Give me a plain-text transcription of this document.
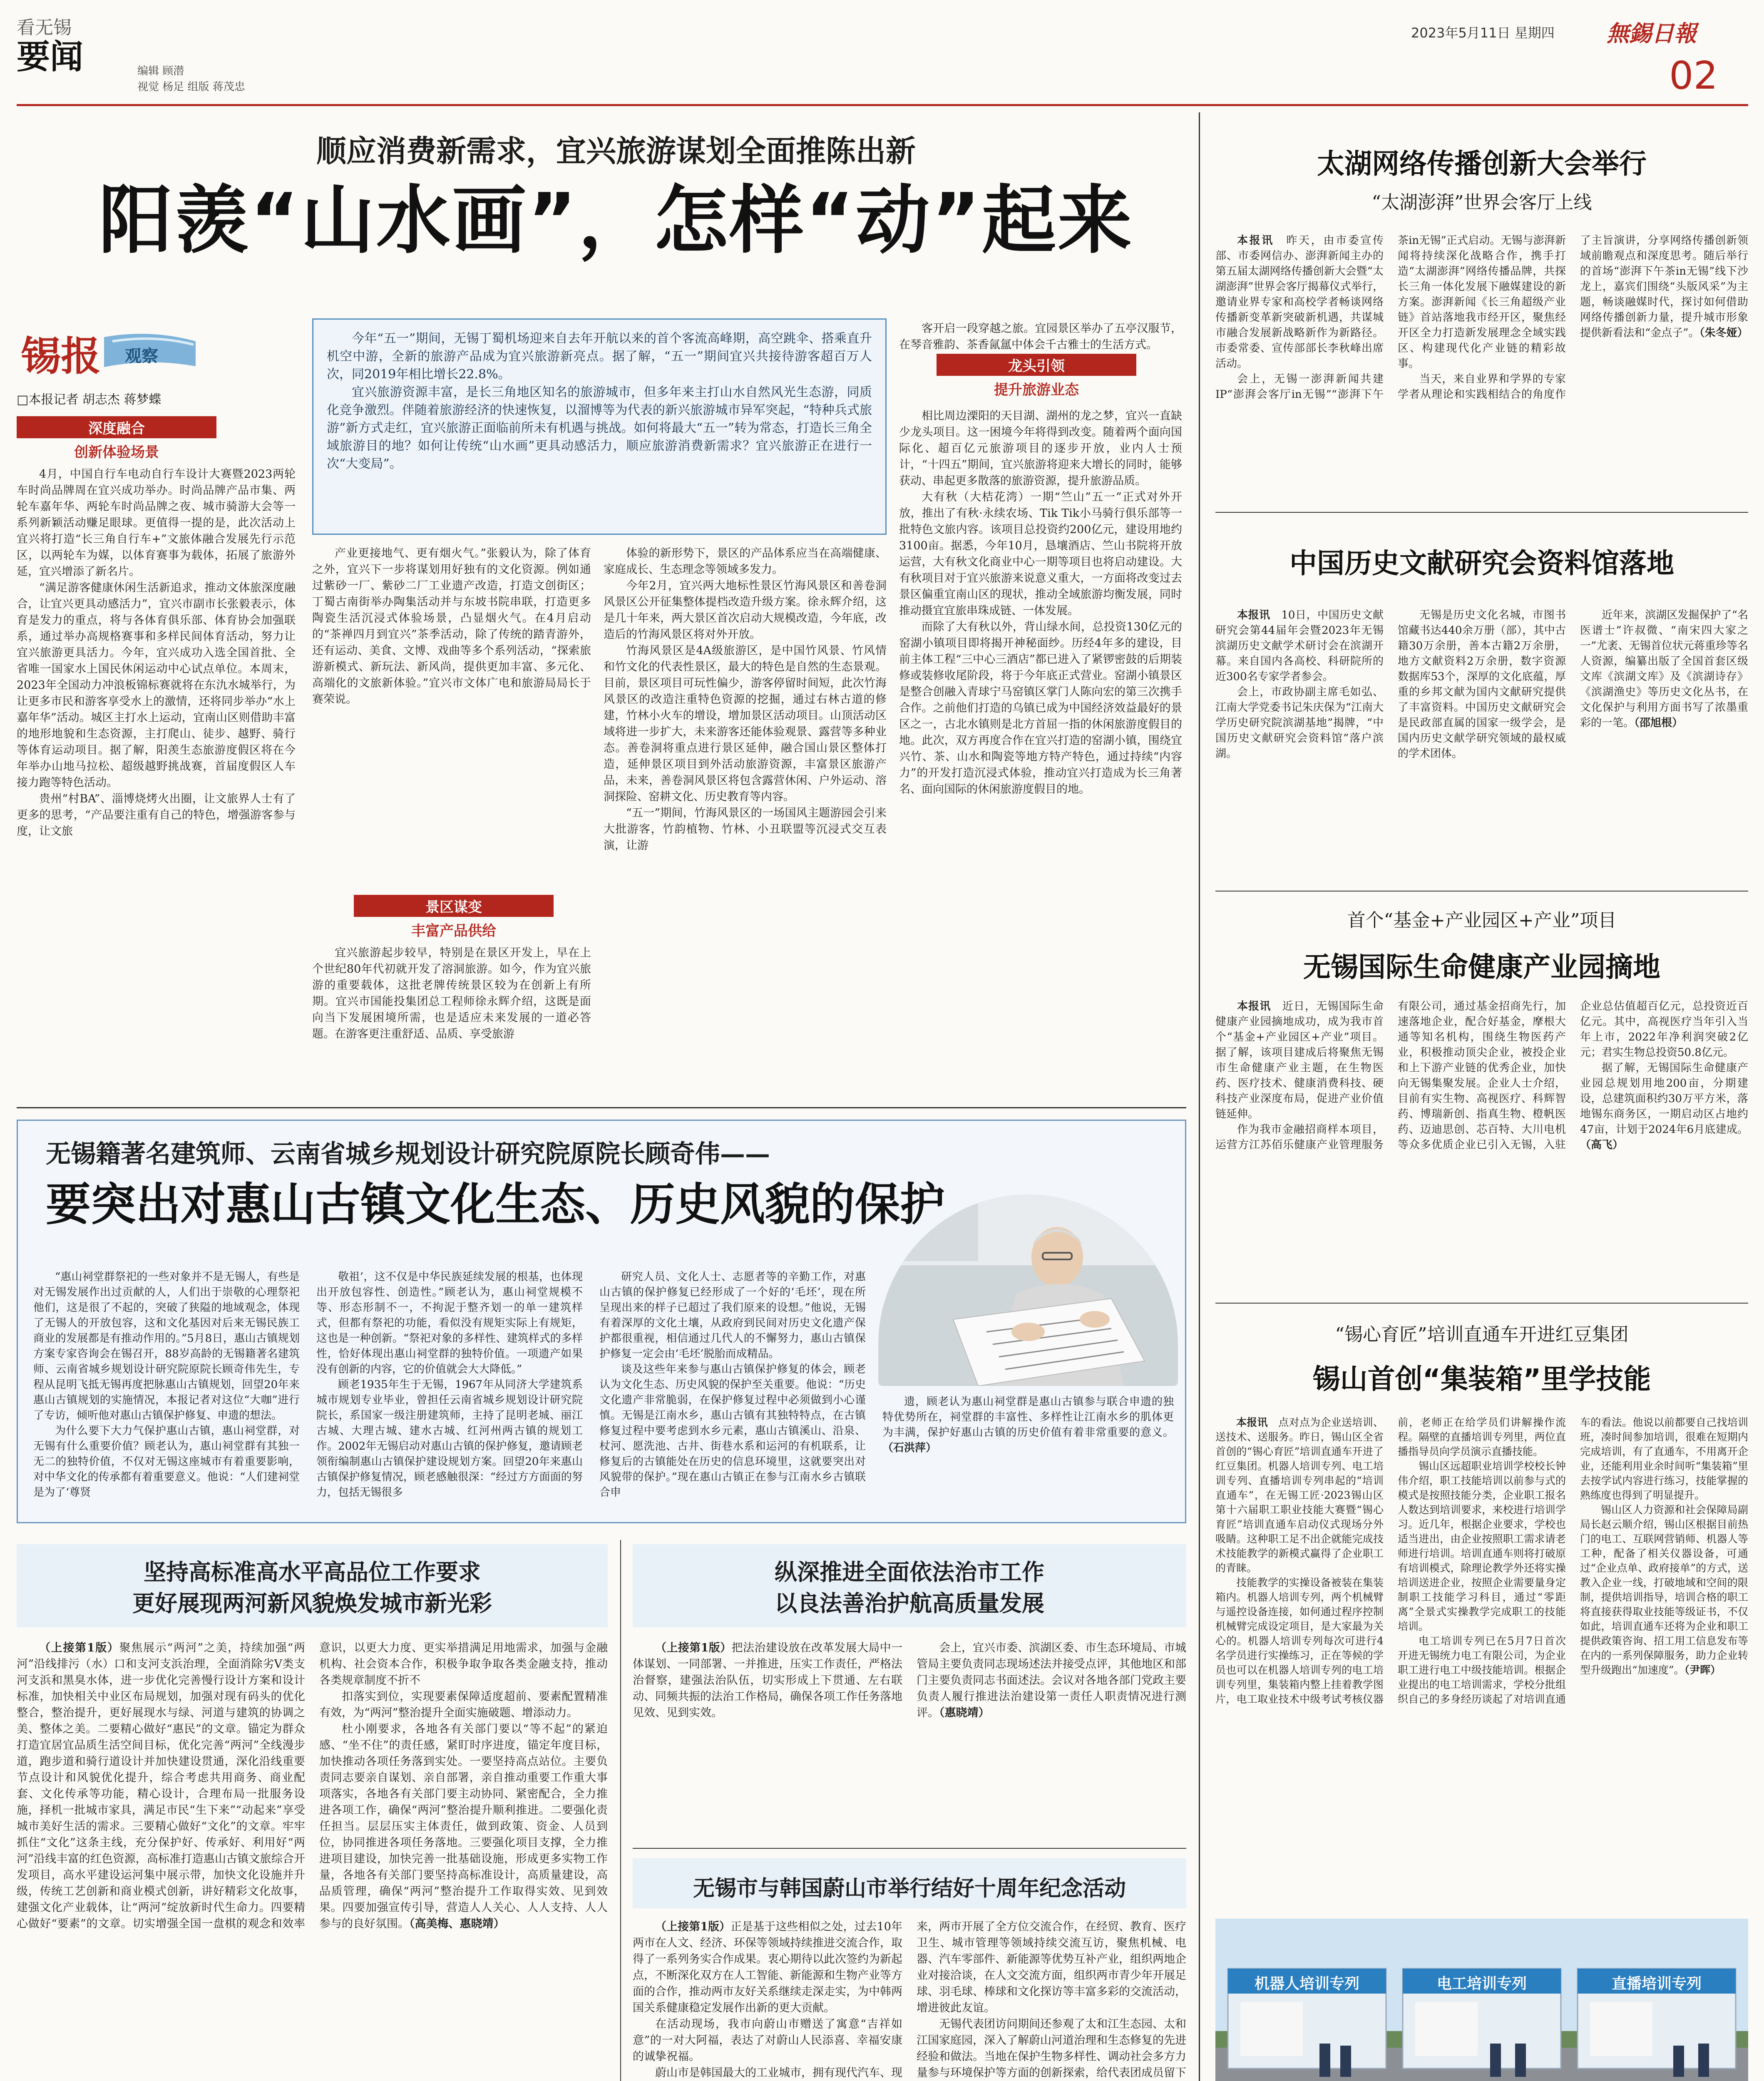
看无锡
要闻	编辑 顾潜
视觉 杨足 组版 蒋茂忠
2023年5月11日 星期四 無錫日報
02
顺应消费新需求，宜兴旅游谋划全面推陈出新
阳羡“山水画”，怎样“动”起来
锡报 观察
□本报记者 胡志杰 蒋梦蝶

今年“五一”期间，无锡丁蜀机场迎来自去年开航以来的首个客流高峰期，高空跳伞、搭乘直升机空中游，全新的旅游产品成为宜兴旅游新亮点。据了解，“五一”期间宜兴共接待游客超百万人次，同2019年相比增长22.8%。

宜兴旅游资源丰富，是长三角地区知名的旅游城市，但多年来主打山水自然风光生态游，同质化竞争激烈。伴随着旅游经济的快速恢复，以溜博等为代表的新兴旅游城市异军突起，“特种兵式旅游”新方式走红，宜兴旅游正面临前所未有机遇与挑战。如何将最大“五一”转为常态，打造长三角全域旅游目的地？如何让传统“山水画”更具动感活力，顺应旅游消费新需求？宜兴旅游正在进行一次“大变局”。

深度融合
创新体验场景

4月，中国自行车电动自行车设计大赛暨2023两轮车时尚品牌周在宜兴成功举办。时尚品牌产品市集、两轮车嘉年华、两轮车时尚品牌之夜、城市骑游大会等一系列新颖活动赚足眼球。更值得一提的是，此次活动上宜兴将打造“长三角自行车+”文旅体融合发展先行示范区，以两轮车为媒，以体育赛事为载体，拓展了旅游外延，宜兴增添了新名片。

“满足游客健康休闲生活新追求，推动文体旅深度融合，让宜兴更具动感活力”，宜兴市副市长张毅表示，体育是发力的重点，将与各体育俱乐部、体育协会加强联系，通过举办高规格赛事和多样民间体育活动，努力让宜兴旅游更具活力。今年，宜兴成功入选全国首批、全省唯一国家水上国民休闲运动中心试点单位。本周末，2023年全国动力冲浪板锦标赛就将在东氿水城举行，为让更多市民和游客享受水上的激情，还将同步举办“水上嘉年华”活动。城区主打水上运动，宜南山区则借助丰富的地形地貌和生态资源，主打爬山、徒步、越野、骑行等体育运动项目。据了解，阳羡生态旅游度假区将在今年举办山地马拉松、超级越野挑战赛，首届度假区人车接力跑等特色活动。

贵州“村BA”、淄博烧烤火出圈，让文旅界人士有了更多的思考，“产品要注重有自己的特色，增强游客参与度，让文旅

产业更接地气、更有烟火气。”张毅认为，除了体育之外，宜兴下一步将谋划用好独有的文化资源。例如通过紫砂一厂、紫砂二厂工业遗产改造，打造文创街区；丁蜀古南街举办陶集活动并与东坡书院串联，打造更多陶瓷生活沉浸式体验场景，凸显烟火气。在4月启动的“茶禅四月到宜兴”茶季活动，除了传统的踏青游外，还有运动、美食、文博、戏曲等多个系列活动，“探索旅游新模式、新玩法、新风尚，提供更加丰富、多元化、高端化的文旅新体验。”宜兴市文体广电和旅游局局长于赛荣说。

景区谋变
丰富产品供给

宜兴旅游起步较早，特别是在景区开发上，早在上个世纪80年代初就开发了溶洞旅游。如今，作为宜兴旅游的重要载体，这批老牌传统景区较为在创新上有所期。宜兴市国能投集团总工程师徐永辉介绍，这既是面向当下发展困境所需，也是适应未来发展的一道必答题。在游客更注重舒适、品质、享受旅游

体验的新形势下，景区的产品体系应当在高端健康、家庭成长、生态理念等领域多发力。

今年2月，宜兴两大地标性景区竹海风景区和善卷洞风景区公开征集整体提档改造升级方案。徐永辉介绍，这是几十年来，两大景区首次启动大规模改造，今年底，改造后的竹海风景区将对外开放。

竹海风景区是4A级旅游区，是中国竹风景、竹风情和竹文化的代表性景区，最大的特色是自然的生态景观。目前，景区项目可玩性偏少，游客停留时间短，此次竹海风景区的改造注重特色资源的挖掘，通过右林古道的修建，竹林小火车的增设，增加景区活动项目。山顶活动区域将进一步扩大，未来游客还能体验观景、露营等多种业态。善卷洞将重点进行景区延伸，融合国山景区整体打造，延伸景区项目到外活动旅游资源，丰富景区旅游产品，未来，善卷洞风景区将包含露营休闲、户外运动、溶洞探险、窑耕文化、历史教育等内容。

“五一”期间，竹海风景区的一场国风主题游园会引来大批游客，竹韵植物、竹林、小丑联盟等沉浸式交互表演，让游

客开启一段穿越之旅。宜园景区举办了五亭汉服节，在琴音雅韵、茶香氤氲中体会千古雅士的生活方式。

龙头引领
提升旅游业态

相比周边溧阳的天目湖、湖州的龙之梦，宜兴一直缺少龙头项目。这一困境今年将得到改变。随着两个面向国际化、超百亿元旅游项目的逐步开放，业内人士预计，“十四五”期间，宜兴旅游将迎来大增长的同时，能够获动、串起更多散落的旅游资源，提升旅游品质。

大有秋（大桔花湾）一期“竺山”五一”正式对外开放，推出了有秋·永续农场、Tik Tik小马骑行俱乐部等一批特色文旅内容。该项目总投资约200亿元，建设用地约3100亩。据悉，今年10月，恳壤酒店、竺山书院将开放运营，大有秋文化商业中心一期等项目也将启动建设。大有秋项目对于宜兴旅游来说意义重大，一方面将改变过去景区偏重宜南山区的现状，推动全域旅游均衡发展，同时推动摄宜宜旅串珠成链、一体发展。

而除了大有秋以外，背山绿水间，总投资130亿元的窑湖小镇项目即将揭开神秘面纱。历经4年多的建设，目前主体工程“三中心三酒店”都已进入了紧锣密鼓的后期装修或装修收尾阶段，将于今年底正式营业。窑湖小镇景区是整合创融入青球宁马窑镇区掌门人陈向宏的第三次携手合作。之前他们打造的乌镇已成为中国经济效益最好的景区之一，古北水镇则是北方首屈一指的休闲旅游度假目的地。此次，双方再度合作在宜兴打造的窑湖小镇，围绕宜兴竹、茶、山水和陶瓷等地方特产特色，通过持续“内容力”的开发打造沉浸式体验，推动宜兴打造成为长三角著名、面向国际的休闲旅游度假目的地。

无锡籍著名建筑师、云南省城乡规划设计研究院原院长顾奇伟——
要突出对惠山古镇文化生态、历史风貌的保护

“惠山祠堂群祭祀的一些对象并不是无锡人，有些是对无锡发展作出过贡献的人，人们出于崇敬的心理祭祀他们，这是很了不起的，突破了狭隘的地域观念，体现了无锡人的开放包容，这和文化基因对后来无锡民族工商业的发展都是有推动作用的。”5月8日，惠山古镇规划方案专家咨询会在锡召开，88岁高龄的无锡籍著名建筑师、云南省城乡规划设计研究院原院长顾奇伟先生，专程从昆明飞抵无锡再度把脉惠山古镇规划，回望20年来惠山古镇规划的实施情况，本报记者对这位“大咖”进行了专访，倾听他对惠山古镇保护修复、申遗的想法。

为什么要下大力气保护惠山古镇，惠山祠堂群，对无锡有什么重要价值？顾老认为，惠山祠堂群有其独一无二的独特价值，不仅对无锡这座城市有着重要影响，对中华文化的传承都有着重要意义。他说：“人们建祠堂是为了‘尊贤

敬祖’，这不仅是中华民族延续发展的根基，也体现出开放包容性、创造性。”顾老认为，惠山祠堂规模不等、形态形制不一，不拘泥于整齐划一的单一建筑样式，但都有祭祀的功能，看似没有规矩实际上有规矩，这也是一种创新。“祭祀对象的多样性、建筑样式的多样性，恰好体现出惠山祠堂群的独特价值。一项遗产如果没有创新的内容，它的价值就会大大降低。”

顾老1935年生于无锡，1967年从同济大学建筑系城市规划专业毕业，曾担任云南省城乡规划设计研究院院长，系国家一级注册建筑师，主持了昆明老城、丽江古城、大理古城、建水古城、红河州两古镇的规划工作。2002年无锡启动对惠山古镇的保护修复，邀请顾老领衔编制惠山古镇保护建设规划方案。回望20年来惠山古镇保护修复情况，顾老感触很深：“经过方方面面的努力，包括无锡很多

研究人员、文化人士、志愿者等的辛勤工作，对惠山古镇的保护修复已经形成了一个好的‘毛坯’，现在所呈现出来的样子已超过了我们原来的设想。”他说，无锡有着深厚的文化土壤，从政府到民间对历史文化遗产保护都很重视，相信通过几代人的不懈努力，惠山古镇保护修复一定会由‘毛坯’脱胎而成精品。

谈及这些年来参与惠山古镇保护修复的体会，顾老认为文化生态、历史风貌的保护至关重要。他说：“历史文化遗产非常脆弱，在保护修复过程中必须做到小心谨慎。无锡是江南水乡，惠山古镇有其独特特点，在古镇修复过程中要考虑到水乡元素，惠山古镇溪山、沿泉、杖河、愿洗池、古井、街巷水系和运河的有机联系，让修复后的古镇能处在历史的信息环境里，这就要突出对风貌带的保护。”现在惠山古镇正在参与江南水乡古镇联合申

遗，顾老认为惠山祠堂群是惠山古镇参与联合申遗的独特优势所在，祠堂群的丰富性、多样性让江南水乡的肌体更为丰满，保护好惠山古镇的历史价值有着非常重要的意义。（石洪萍）

坚持高标准高水平高品位工作要求
更好展现两河新风貌焕发城市新光彩

（上接第1版）聚焦展示“两河”之美，持续加强“两河”沿线排污（水）口和支河支浜治理，全面消除劣V类支河支浜和黑臭水体，进一步优化完善慢行设计方案和设计标准，加快相关中业区布局规划，加强对现有码头的优化整合，整治提升，更好展现水与绿、河道与建筑的协调之美、整体之美。二要精心做好“惠民”的文章。锚定为群众打造宜居宜品质生活空间目标，优化完善“两河”全线漫步道，跑步道和骑行道设计并加快建设贯通，深化沿线重要节点设计和风貌优化提升，综合考虑共用商务、商业配套、文化传承等功能，精心设计，合理布局一批服务设施，择机一批城市家具，满足市民“生下来”“动起来”享受城市美好生活的需求。三要精心做好“文化”的文章。牢牢抓住“文化”这条主线，充分保护好、传承好、利用好“两河”沿线丰富的红色资源，高标准打造惠山古镇文旅综合开发项目，高水平建设运河集中展示带，加快文化设施并升级，传统工艺创新和商业模式创新，讲好精彩文化故事，建强文化产业载体，让“两河”绽放新时代生命力。四要精心做好“要素”的文章。切实增强全国一盘棋的观念和效率意识，以更大力度、更实举措满足用地需求，加强与金融机构、社会资本合作，积极争取争取各类金融支持，推动各类规章制度不折不

扣落实到位，实现要素保障适度超前、要素配置精准有效，为“两河”整治提升全面实施破题、增添动力。

杜小刚要求，各地各有关部门要以“等不起”的紧迫感、“坐不住”的责任感，紧盯时序进度，锚定年度目标，加快推动各项任务落到实处。一要坚持高点站位。主要负责同志要亲自谋划、亲自部署，亲自推动重要工作重大事项落实，各地各有关部门要主动协同、紧密配合，全力推进各项工作，确保“两河”整治提升顺利推进。二要强化责任担当。层层压实主体责任，做到政策、资金、人员到位，协同推进各项任务落地。三要强化项目支撑，全力推进项目建设，加快完善一批基础设施，形成更多实物工作量，各地各有关部门要坚持高标准设计，高质量建设，高品质管理，确保“两河”整治提升工作取得实效、见到效果。四要加强宣传引导，营造人人关心、人人支持、人人参与的良好氛围。（高美梅、惠晓靖）

纵深推进全面依法治市工作
以良法善治护航高质量发展

（上接第1版）把法治建设放在改革发展大局中一体谋划、一同部署、一并推进，压实工作责任，严格法治督察，建强法治队伍，切实形成上下贯通、左右联动、同频共振的法治工作格局，确保各项工作任务落地见效、见到实效。

会上，宜兴市委、滨湖区委、市生态环境局、市城管局主要负责同志现场述法并接受点评，其他地区和部门主要负责同志书面述法。会议对各地各部门党政主要负责人履行推进法治建设第一责任人职责情况进行测评。（惠晓靖）

无锡市与韩国蔚山市举行结好十周年纪念活动

（上接第1版）正是基于这些相似之处，过去10年两市在人文、经济、环保等领域持续推进交流合作，取得了一系列务实合作成果。衷心期待以此次签约为新起点，不断深化双方在人工智能、新能源和生物产业等方面的合作，推动两市友好关系继续走深走实，为中韩两国关系健康稳定发展作出新的更大贡献。

在活动现场，我市向蔚山市赠送了寓意“吉祥如意”的一对大阿福，表达了对蔚山人民添喜、幸福安康的诚挚祝福。

蔚山市是韩国最大的工业城市，拥有现代汽车、现 来，两市开展了全方位交流合作，在经贸、教育、医疗卫生、城市管理等领域持续交流互访，聚焦机械、电器、汽车零部件、新能源等优势互补产业，组织两地企业对接洽谈，在人文交流方面，组织两市青少年开展足球、羽毛球、棒球和文化探访等丰富多彩的交流活动，增进彼此友谊。

无锡代表团访问期间还参观了太和江生态园、太和江国家庭园，深入了解蔚山河道治理和生态修复的先进经验和做法。当地在保护生物多样性、调动社会多方力量参与环境保护等方面的创新探索，给代表团成员留下

太湖网络传播创新大会举行
“太湖澎湃”世界会客厅上线

本报讯　 昨天，由市委宣传部、市委网信办、澎湃新闻主办的第五届太湖网络传播创新大会暨“太湖澎湃”世界会客厅揭幕仪式举行，邀请业界专家和高校学者畅谈网络传播新变革新突破新机遇，共谋城市融合发展新战略新作为新路径。市委常委、宣传部部长李秋峰出席活动。

会上，无锡一澎湃新闻共建IP“澎湃会客厅in无锡”“澎湃下午茶in无锡”正式启动。无锡与澎湃新闻将持续深化战略合作，携手打造“太湖澎湃”网络传播品牌，共探长三角一体化发展下融媒建设的新方案。澎湃新闻《长三角超级产业链》首站落地我市经开区，聚焦经开区全力打造新发展理念全域实践区、构建现代化产业链的精彩故事。

当天，来自业界和学界的专家学者从理论和实践相结合的角度作了主旨演讲，分享网络传播创新领域前瞻观点和深度思考。随后举行的首场“澎湃下午茶in无锡”线下沙龙上，嘉宾们围绕“头版风采”为主题，畅谈融媒时代，探讨如何借助网络传播创新力量，提升城市形象提供新看法和“金点子”。（朱冬娅）

中国历史文献研究会资料馆落地

本报讯　 10日，中国历史文献研究会第44届年会暨2023年无锡滨湖历史文献学术研讨会在滨湖开幕。来自国内各高校、科研院所的近300名专家学者参会。

会上，市政协副主席毛如弘、江南大学党委书记朱庆保为“江南大学历史研究院滨湖基地”揭牌，“中国历史文献研究会资料馆”落户滨湖。

无锡是历史文化名城，市图书馆藏书达440余万册（部），其中古籍30万余册，善本古籍2万余册，地方文献资料2万余册，数字资源数据库53个，深厚的文化底蕴，厚重的乡邦文献为国内文献研究提供了丰富资料。中国历史文献研究会是民政部直属的国家一级学会，是国内历史文献学研究领域的最权威的学术团体。

近年来，滨湖区发掘保护了“名医谱士”许叔微、“南宋四大家之一”尤袤、无锡首位状元蒋重珍等名人资源，编纂出版了全国首套区级文库《滨湖文库》及《滨湖诗存》《滨湖渔史》等历史文化丛书，在文化保护与利用方面书写了浓墨重彩的一笔。（邵旭根）

首个“基金+产业园区+产业”项目
无锡国际生命健康产业园摘地

本报讯　 近日，无锡国际生命健康产业园摘地成功，成为我市首个“基金+产业园区+产业”项目。据了解，该项目建成后将聚焦无锡市生命健康产业主题，在生物医药、医疗技术、健康消费科技、硬科技产业深度布局，促进产业价值链延伸。

作为我市金融招商样本项目，运营方江苏佰乐健康产业管理服务有限公司，通过基金招商先行，加速落地企业，配合好基金，摩根大通等知名机构，围绕生物医药产业，积极推动顶尖企业，被投企业和上下游产业链的优秀企业，加快向无锡集聚发展。企业人士介绍，目前有实生物、高视医疗、科辉智药、博瑞新创、指真生物、橙帆医药、迈迪思创、芯百特、大川电机等众多优质企业已引入无锡，入驻企业总估值超百亿元，总投资近百亿元。其中，高视医疗当年引入当年上市，2022年净利润突破2亿元；君实生物总投资50.8亿元。

据了解，无锡国际生命健康产业园总规划用地200亩，分期建设，总建筑面积约30万平方米，落地锡东商务区，一期启动区占地约47亩，计划于2024年6月底建成。（高飞）

“锡心育匠”培训直通车开进红豆集团
锡山首创“集装箱”里学技能

本报讯　 点对点为企业送培训、送技术、送服务。昨日，锡山区全省首创的“锡心育匠”培训直通车开进了红豆集团。机器人培训专列、电工培训专列、直播培训专列串起的“培训直通车”，在无锡工匠·2023锡山区第十六届职工职业技能大赛暨“锡心育匠”培训直通车启动仪式现场分外吸睛。这种职工足不出企就能完成技术技能教学的新模式赢得了企业职工的青睐。

技能教学的实操设备被装在集装箱内。机器人培训专列，两个机械臂与遥控设备连接，如何通过程序控制机械臂完成设定项目，是大家最为关心的。机器人培训专列每次可进行4名学员进行实操练习，正在等候的学员也可以在机器人培训专列的电工培训专列里，集装箱内整上挂着教学图片，电工取业技术中级考试考核仪器前，老师正在给学员们讲解操作流程。隔壁的直播培训专列里，两位直播指导员向学员演示直播技能。

锡山区远超职业培训学校校长钟伟介绍，职工技能培训以前参与式的模式是按照技能分类，企业职工报名人数达到培训要求，来校进行培训学习。近几年，根据企业要求，学校也适当进出，由企业按照职工需求请老师进行培训。培训直通车则将打破原有培训模式，除理论教学外还将实操培训送进企业，按照企业需要量身定制职工技能学习科目，通过“零距离”全景式实操教学完成职工的技能培训。

电工培训专列已在5月7日首次开进无锡统力电工有限公司，为企业职工进行电工中级技能培训。根据企业提出的电工培训需求，学校分批组织自己的多身经历谈起了对培训直通车的看法。他说以前都要自己找培训班，凑时间参加培训，很难在短期内完成培训，有了直通车，不用离开企业，还能利用业余时间听“集装箱”里去按学试内容进行练习，技能掌握的熟练度也得到了明显提升。

锡山区人力资源和社会保障局副局长赵云顺介绍，锡山区根据目前热门的电工、互联网营销师、机器人等工种，配备了相关仪器设备，可通过“企业点单、政府接单”的方式，送教入企业一线，打破地域和空间的限制，提供培训指导，培训合格的职工将直接获得取业技能等级证书，不仅如此，培训直通车还将为企业和职工提供政策咨询、招工用工信息发布等在内的一系列保障服务，助力企业转型升级跑出“加速度”。（尹晖）

机器人培训专列	电工培训专列	直播培训专列
